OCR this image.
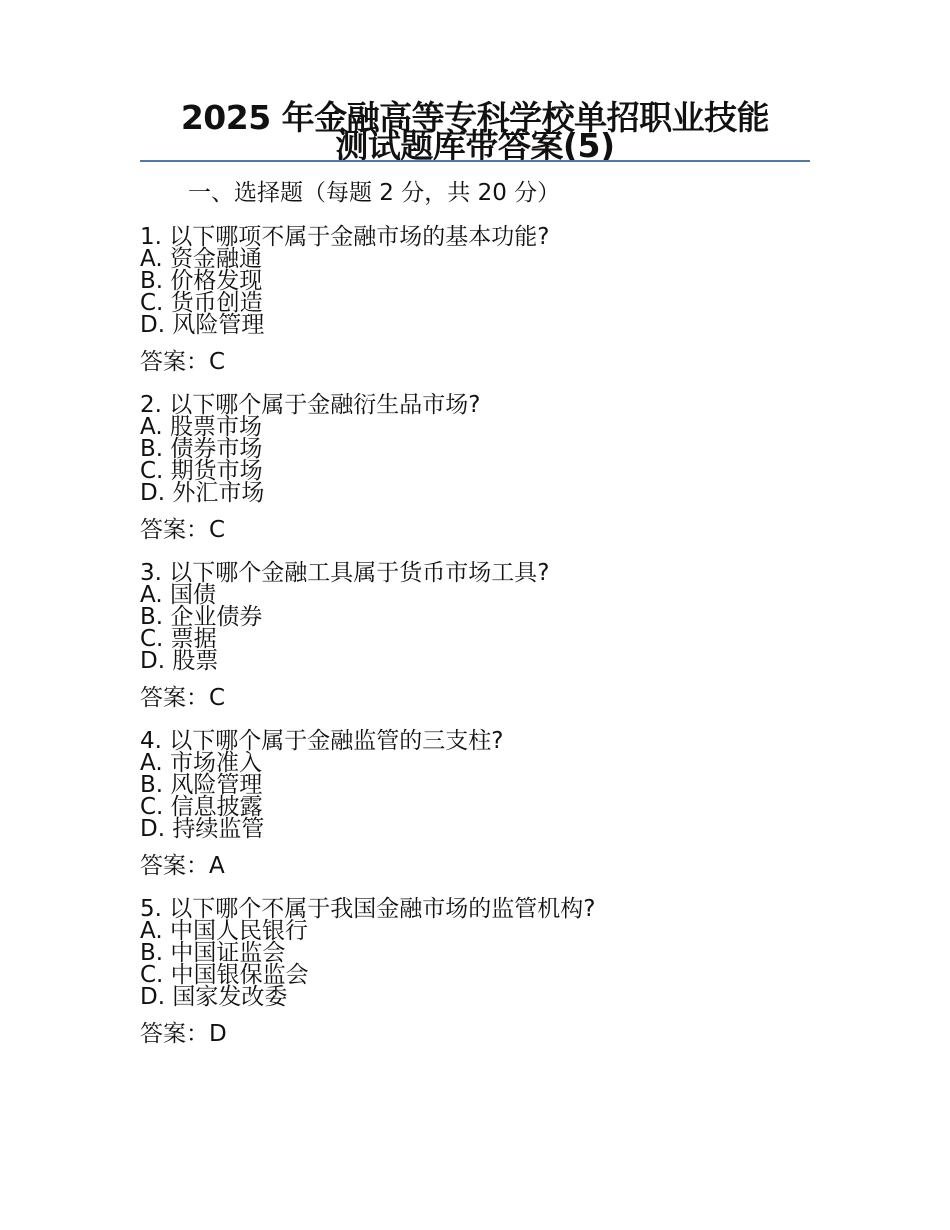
2025 年金融高等专科学校单招职业技能
测试题库带答案(5)
一、选择题（每题 2 分，共 20 分）
1. 以下哪项不属于金融市场的基本功能?
A. 资金融通
B. 价格发现
C. 货币创造
D. 风险管理
答案：C
2. 以下哪个属于金融衍生品市场?
A. 股票市场
B. 债券市场
C. 期货市场
D. 外汇市场
答案：C
3. 以下哪个金融工具属于货币市场工具?
A. 国债
B. 企业债券
C. 票据
D. 股票
答案：C
4. 以下哪个属于金融监管的三支柱?
A. 市场准入
B. 风险管理
C. 信息披露
D. 持续监管
答案：A
5. 以下哪个不属于我国金融市场的监管机构?
A. 中国人民银行
B. 中国证监会
C. 中国银保监会
D. 国家发改委
答案：D
